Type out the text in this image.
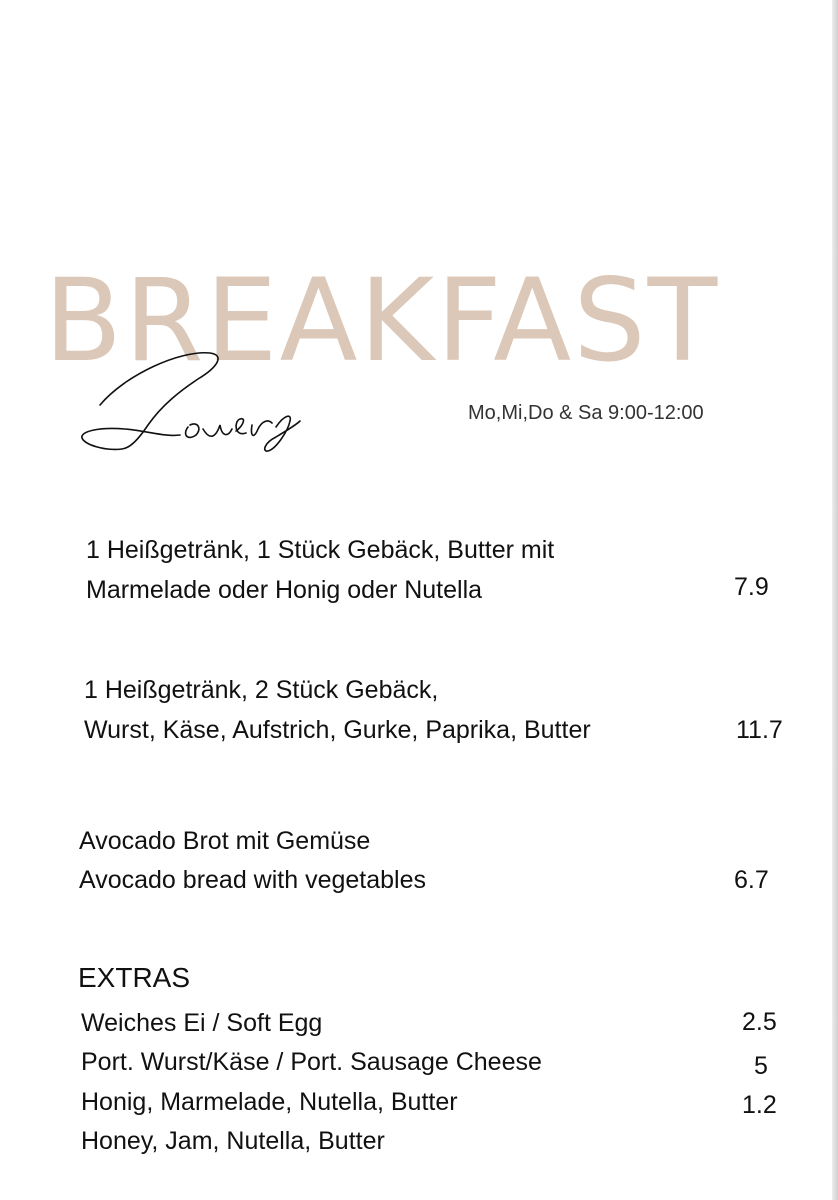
BREAKFAST
Mo,Mi,Do & Sa 9:00-12:00
1 Heißgetränk, 1 Stück Gebäck, Butter mit
Marmelade oder Honig oder Nutella	7.9
1 Heißgetränk, 2 Stück Gebäck,
Wurst, Käse, Aufstrich, Gurke, Paprika, Butter	11.7
Avocado Brot mit Gemüse
Avocado bread with vegetables	6.7
EXTRAS
Weiches Ei / Soft Egg	2.5
Port. Wurst/Käse / Port. Sausage Cheese	5
Honig, Marmelade, Nutella, Butter	1.2
Honey, Jam, Nutella, Butter
